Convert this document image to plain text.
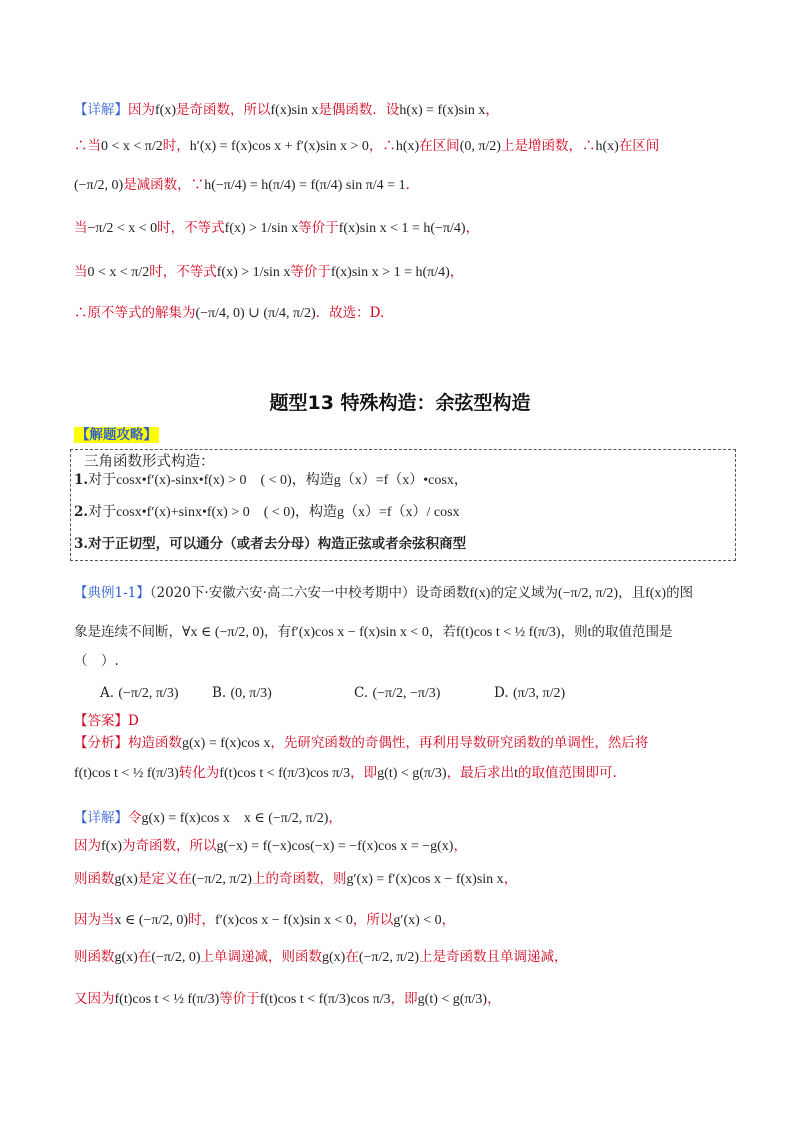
【详解】因为f(x)是奇函数，所以f(x)sin x是偶函数．设h(x) = f(x)sin x，
∴当0 < x < π/2时，h′(x) = f(x)cos x + f′(x)sin x > 0，∴h(x)在区间(0, π/2)上是增函数，∴h(x)在区间
(−π/2, 0)是减函数，∵h(−π/4) = h(π/4) = f(π/4) sin π/4 = 1．
当−π/2 < x < 0时，不等式f(x) > 1/sin x等价于f(x)sin x < 1 = h(−π/4)，
当0 < x < π/2时，不等式f(x) > 1/sin x等价于f(x)sin x > 1 = h(π/4)，
∴原不等式的解集为(−π/4, 0) ∪ (π/4, π/2)．故选：D.
题型13 特殊构造：余弦型构造
【解题攻略】
三角函数形式构造：
1.对于cosx•f′(x)-sinx•f(x) > 0　( < 0)，构造g（x）=f（x）•cosx，
2.对于cosx•f′(x)+sinx•f(x) > 0　( < 0)，构造g（x）=f（x）/ cosx
3.对于正切型，可以通分（或者去分母）构造正弦或者余弦积商型
【典例1-1】（2020下·安徽六安·高二六安一中校考期中）设奇函数f(x)的定义域为(−π/2, π/2)，且f(x)的图
象是连续不间断，∀x ∈ (−π/2, 0)，有f′(x)cos x − f(x)sin x < 0，若f(t)cos t < ½ f(π/3)，则t的取值范围是
（　）.
A. (−π/2, π/3) B. (0, π/3)	C. (−π/2, −π/3)	D. (π/3, π/2)
【答案】D
【分析】构造函数g(x) = f(x)cos x，先研究函数的奇偶性，再利用导数研究函数的单调性，然后将
f(t)cos t < ½ f(π/3)转化为f(t)cos t < f(π/3)cos π/3，即g(t) < g(π/3)，最后求出t的取值范围即可.
【详解】令g(x) = f(x)cos x x ∈ (−π/2, π/2)，
因为f(x)为奇函数，所以g(−x) = f(−x)cos(−x) = −f(x)cos x = −g(x)，
则函数g(x)是定义在(−π/2, π/2)上的奇函数，则g′(x) = f′(x)cos x − f(x)sin x，
因为当x ∈ (−π/2, 0)时，f′(x)cos x − f(x)sin x < 0，所以g′(x) < 0，
则函数g(x)在(−π/2, 0)上单调递减，则函数g(x)在(−π/2, π/2)上是奇函数且单调递减，
又因为f(t)cos t < ½ f(π/3)等价于f(t)cos t < f(π/3)cos π/3，即g(t) < g(π/3)，
